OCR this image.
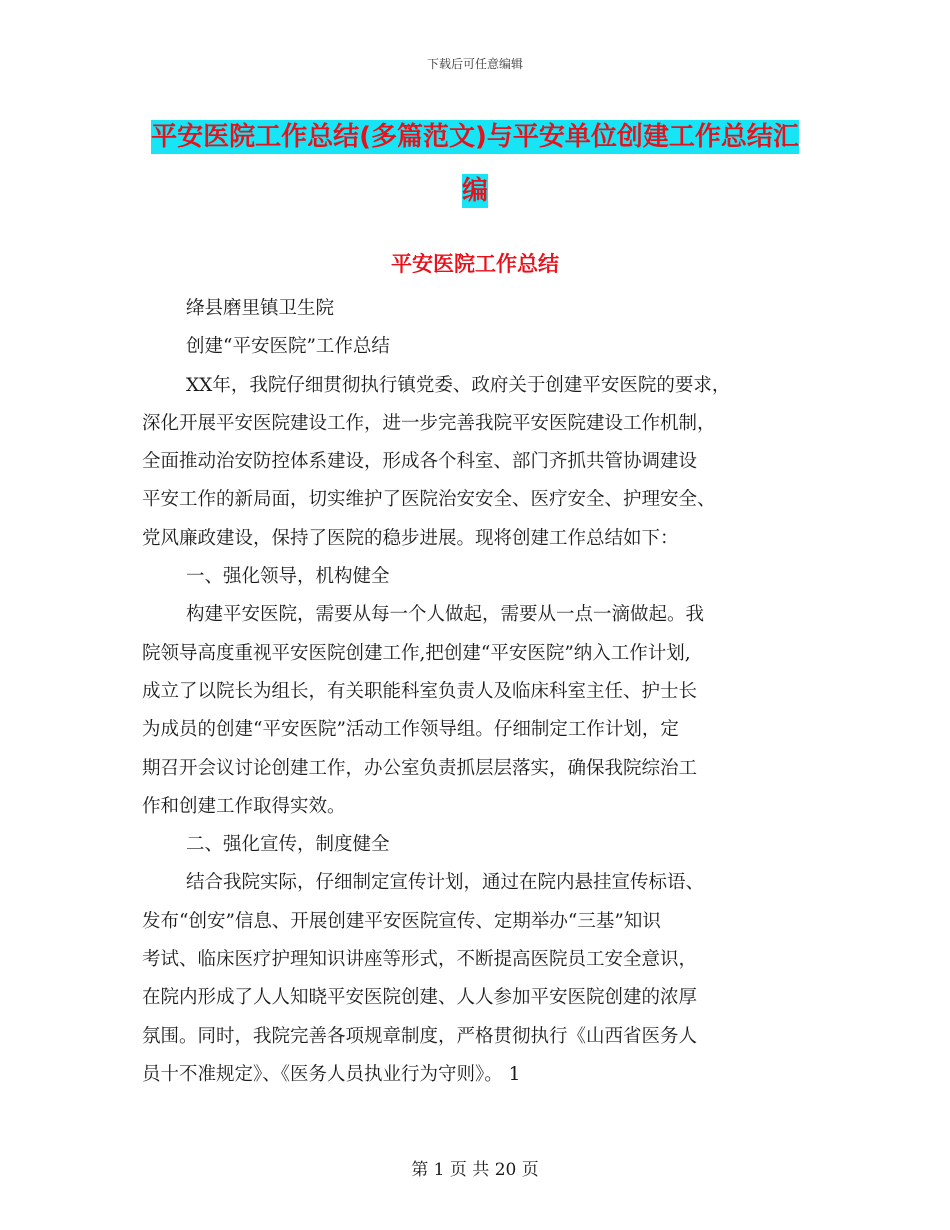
下载后可任意编辑
平安医院工作总结(多篇范文)与平安单位创建工作总结汇编
平安医院工作总结
绛县磨里镇卫生院
创建“平安医院”工作总结
XX年，我院仔细贯彻执行镇党委、政府关于创建平安医院的要求，
深化开展平安医院建设工作，进一步完善我院平安医院建设工作机制，
全面推动治安防控体系建设，形成各个科室、部门齐抓共管协调建设
平安工作的新局面，切实维护了医院治安安全、医疗安全、护理安全、
党风廉政建设，保持了医院的稳步进展。现将创建工作总结如下：
一、强化领导，机构健全
构建平安医院，需要从每一个人做起，需要从一点一滴做起。我
院领导高度重视平安医院创建工作,把创建“平安医院”纳入工作计划,
成立了以院长为组长，有关职能科室负责人及临床科室主任、护士长
为成员的创建“平安医院”活动工作领导组。仔细制定工作计划，定
期召开会议讨论创建工作，办公室负责抓层层落实，确保我院综治工
作和创建工作取得实效。
二、强化宣传，制度健全
结合我院实际，仔细制定宣传计划，通过在院内悬挂宣传标语、
发布“创安”信息、开展创建平安医院宣传、定期举办“三基”知识
考试、临床医疗护理知识讲座等形式，不断提高医院员工安全意识，
在院内形成了人人知晓平安医院创建、人人参加平安医院创建的浓厚
氛围。同时，我院完善各项规章制度，严格贯彻执行《山西省医务人
员十不准规定》、《医务人员执业行为守则》。 1
第 1 页 共 20 页
